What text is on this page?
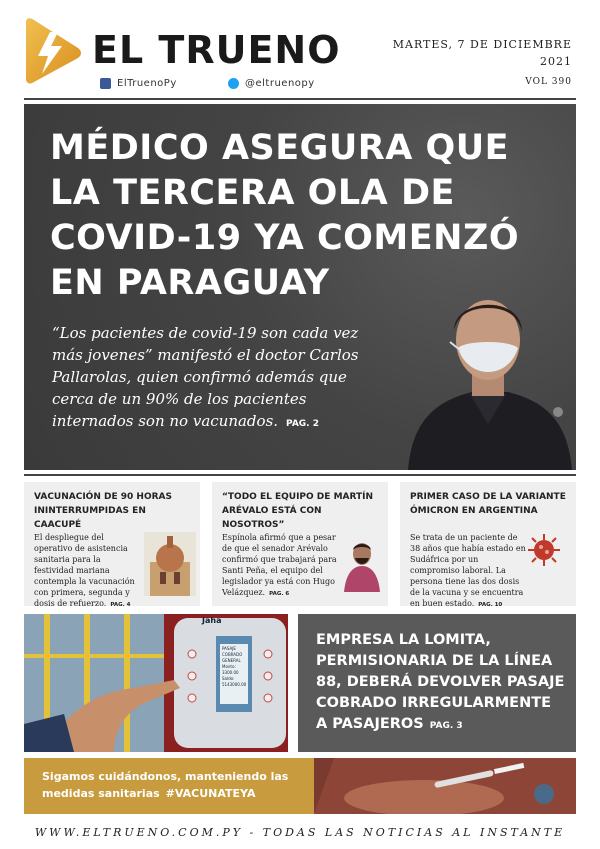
EL TRUENO
ElTruenoPy	@eltruenopy
MARTES, 7 DE DICIEMBRE
2021
VOL 390
MÉDICO ASEGURA QUE LA TERCERA OLA DE COVID-19 YA COMENZÓ EN PARAGUAY

“Los pacientes de covid-19 son cada vez más jovenes” manifestó el doctor Carlos Pallarolas, quien confirmó además que cerca de un 90% de los pacientes internados son no vacunados. PAG. 2

VACUNACIÓN DE 90 HORAS ININTERRUMPIDAS EN CAACUPÉ

El despliegue del operativo de asistencia sanitaria para la festividad mariana contempla la vacunación con primera, segunda y dosis de refuerzo. PAG. 4

“TODO EL EQUIPO DE MARTÍN ARÉVALO ESTÁ CON NOSOTROS”

Espínola afirmó que a pesar de que el senador Arévalo confirmó que trabajará para Santi Peña, el equipo del legislador ya está con Hugo Velázquez. PAG. 6

PRIMER CASO DE LA VARIANTE ÓMICRON EN ARGENTINA

Se trata de un paciente de 38 años que había estado en Sudáfrica por un compromiso laboral. La persona tiene las dos dosis de la vacuna y se encuentra en buen estado. PAG. 10

Jaha
PASAJE
COBRADO
GENERAL
Monto: 3300.00
Saldo: 5143000.00
EMPRESA LA LOMITA, PERMISIONARIA DE LA LÍNEA 88, DEBERÁ DEVOLVER PASAJE COBRADO IRREGULARMENTE A PASAJEROS PAG. 3

Sigamos cuidándonos, manteniendo las medidas sanitarias #VACUNATEYA

WWW.ELTRUENO.COM.PY - TODAS LAS NOTICIAS AL INSTANTE
